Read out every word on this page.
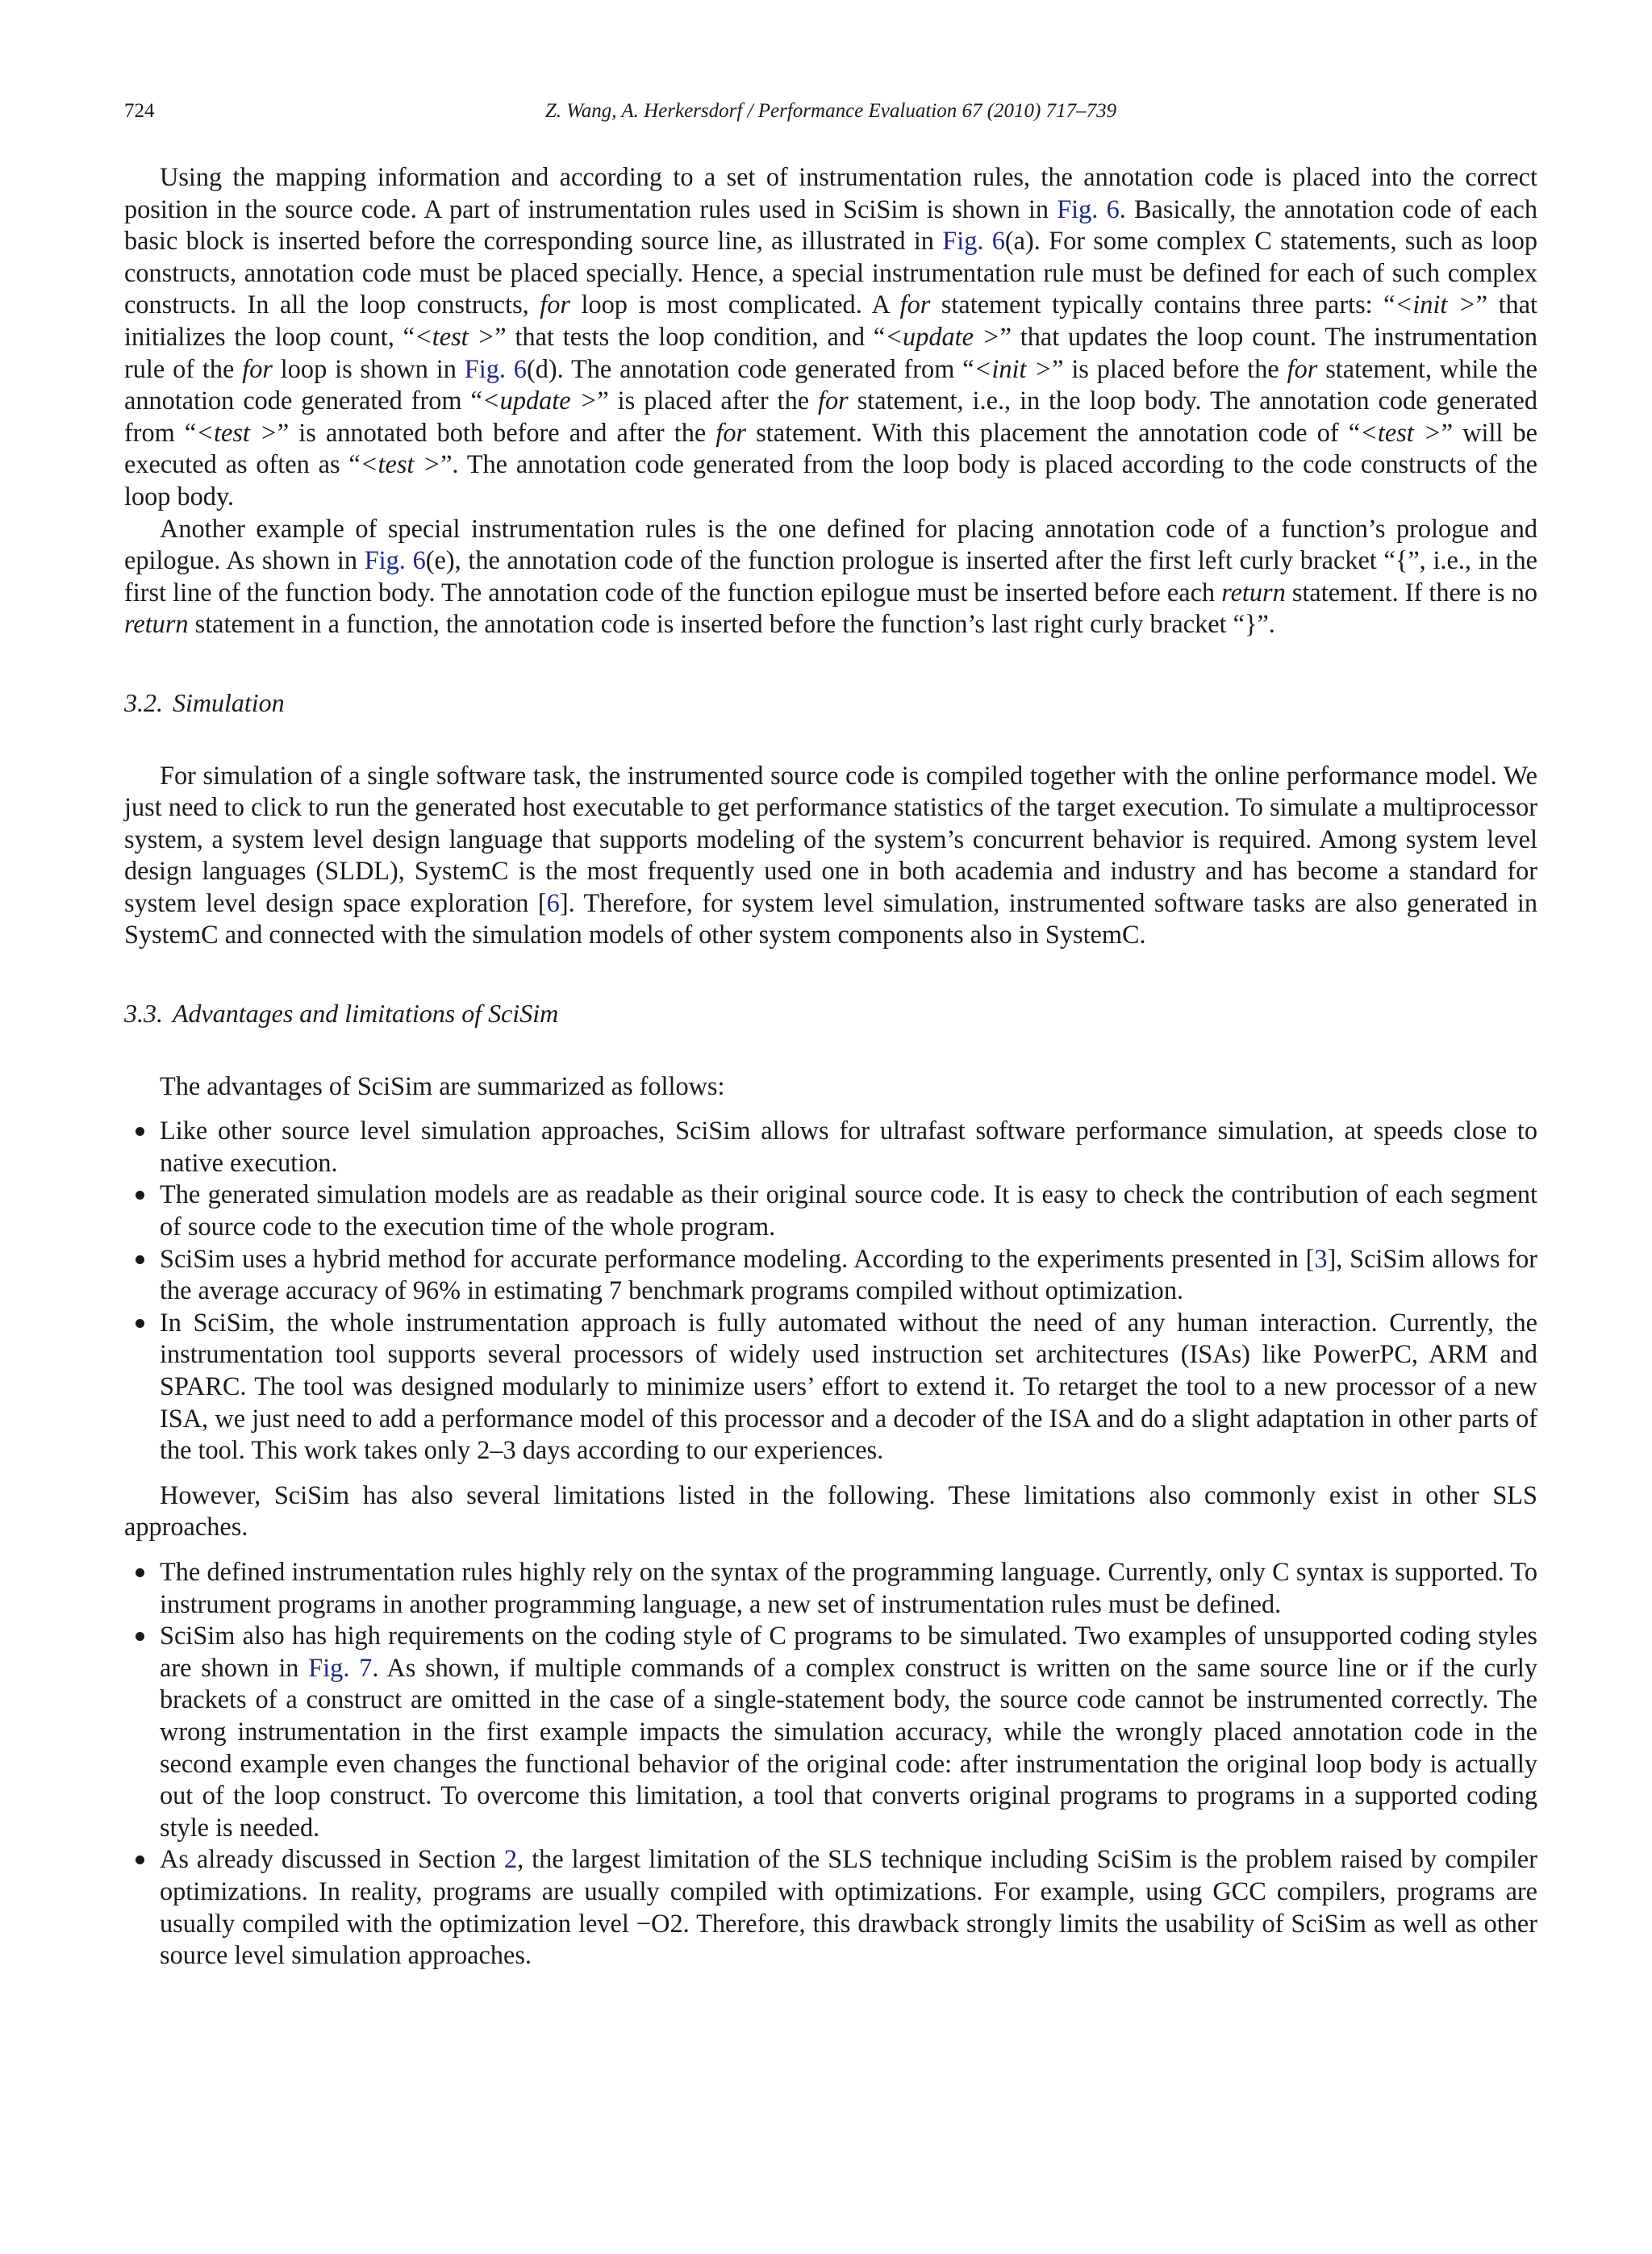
724	Z. Wang, A. Herkersdorf / Performance Evaluation 67 (2010) 717–739

Using the mapping information and according to a set of instrumentation rules, the annotation code is placed into the correct position in the source code. A part of instrumentation rules used in SciSim is shown in Fig. 6. Basically, the annotation code of each basic block is inserted before the corresponding source line, as illustrated in Fig. 6(a). For some complex C statements, such as loop constructs, annotation code must be placed specially. Hence, a special instrumentation rule must be defined for each of such complex constructs. In all the loop constructs, for loop is most complicated. A for statement typically contains three parts: “<init >” that initializes the loop count, “<test >” that tests the loop condition, and “<update >” that updates the loop count. The instrumentation rule of the for loop is shown in Fig. 6(d). The annotation code generated from “<init >” is placed before the for statement, while the annotation code generated from “<update >” is placed after the for statement, i.e., in the loop body. The annotation code generated from “<test >” is annotated both before and after the for statement. With this placement the annotation code of “<test >” will be executed as often as “<test >”. The annotation code generated from the loop body is placed according to the code constructs of the loop body.

Another example of special instrumentation rules is the one defined for placing annotation code of a function’s prologue and epilogue. As shown in Fig. 6(e), the annotation code of the function prologue is inserted after the first left curly bracket “{”, i.e., in the first line of the function body. The annotation code of the function epilogue must be inserted before each return statement. If there is no return statement in a function, the annotation code is inserted before the function’s last right curly bracket “}”.

3.2. Simulation

For simulation of a single software task, the instrumented source code is compiled together with the online performance model. We just need to click to run the generated host executable to get performance statistics of the target execution. To simulate a multiprocessor system, a system level design language that supports modeling of the system’s concurrent behavior is required. Among system level design languages (SLDL), SystemC is the most frequently used one in both academia and industry and has become a standard for system level design space exploration [6]. Therefore, for system level simulation, instrumented software tasks are also generated in SystemC and connected with the simulation models of other system components also in SystemC.

3.3. Advantages and limitations of SciSim

The advantages of SciSim are summarized as follows:

Like other source level simulation approaches, SciSim allows for ultrafast software performance simulation, at speeds close to native execution.
The generated simulation models are as readable as their original source code. It is easy to check the contribution of each segment of source code to the execution time of the whole program.
SciSim uses a hybrid method for accurate performance modeling. According to the experiments presented in [3], SciSim allows for the average accuracy of 96% in estimating 7 benchmark programs compiled without optimization.
In SciSim, the whole instrumentation approach is fully automated without the need of any human interaction. Currently, the instrumentation tool supports several processors of widely used instruction set architectures (ISAs) like PowerPC, ARM and SPARC. The tool was designed modularly to minimize users’ effort to extend it. To retarget the tool to a new processor of a new ISA, we just need to add a performance model of this processor and a decoder of the ISA and do a slight adaptation in other parts of the tool. This work takes only 2–3 days according to our experiences.

However, SciSim has also several limitations listed in the following. These limitations also commonly exist in other SLS approaches.

The defined instrumentation rules highly rely on the syntax of the programming language. Currently, only C syntax is supported. To instrument programs in another programming language, a new set of instrumentation rules must be defined.
SciSim also has high requirements on the coding style of C programs to be simulated. Two examples of unsupported coding styles are shown in Fig. 7. As shown, if multiple commands of a complex construct is written on the same source line or if the curly brackets of a construct are omitted in the case of a single-statement body, the source code cannot be instrumented correctly. The wrong instrumentation in the first example impacts the simulation accuracy, while the wrongly placed annotation code in the second example even changes the functional behavior of the original code: after instrumentation the original loop body is actually out of the loop construct. To overcome this limitation, a tool that converts original programs to programs in a supported coding style is needed.
As already discussed in Section 2, the largest limitation of the SLS technique including SciSim is the problem raised by compiler optimizations. In reality, programs are usually compiled with optimizations. For example, using GCC compilers, programs are usually compiled with the optimization level −O2. Therefore, this drawback strongly limits the usability of SciSim as well as other source level simulation approaches.
